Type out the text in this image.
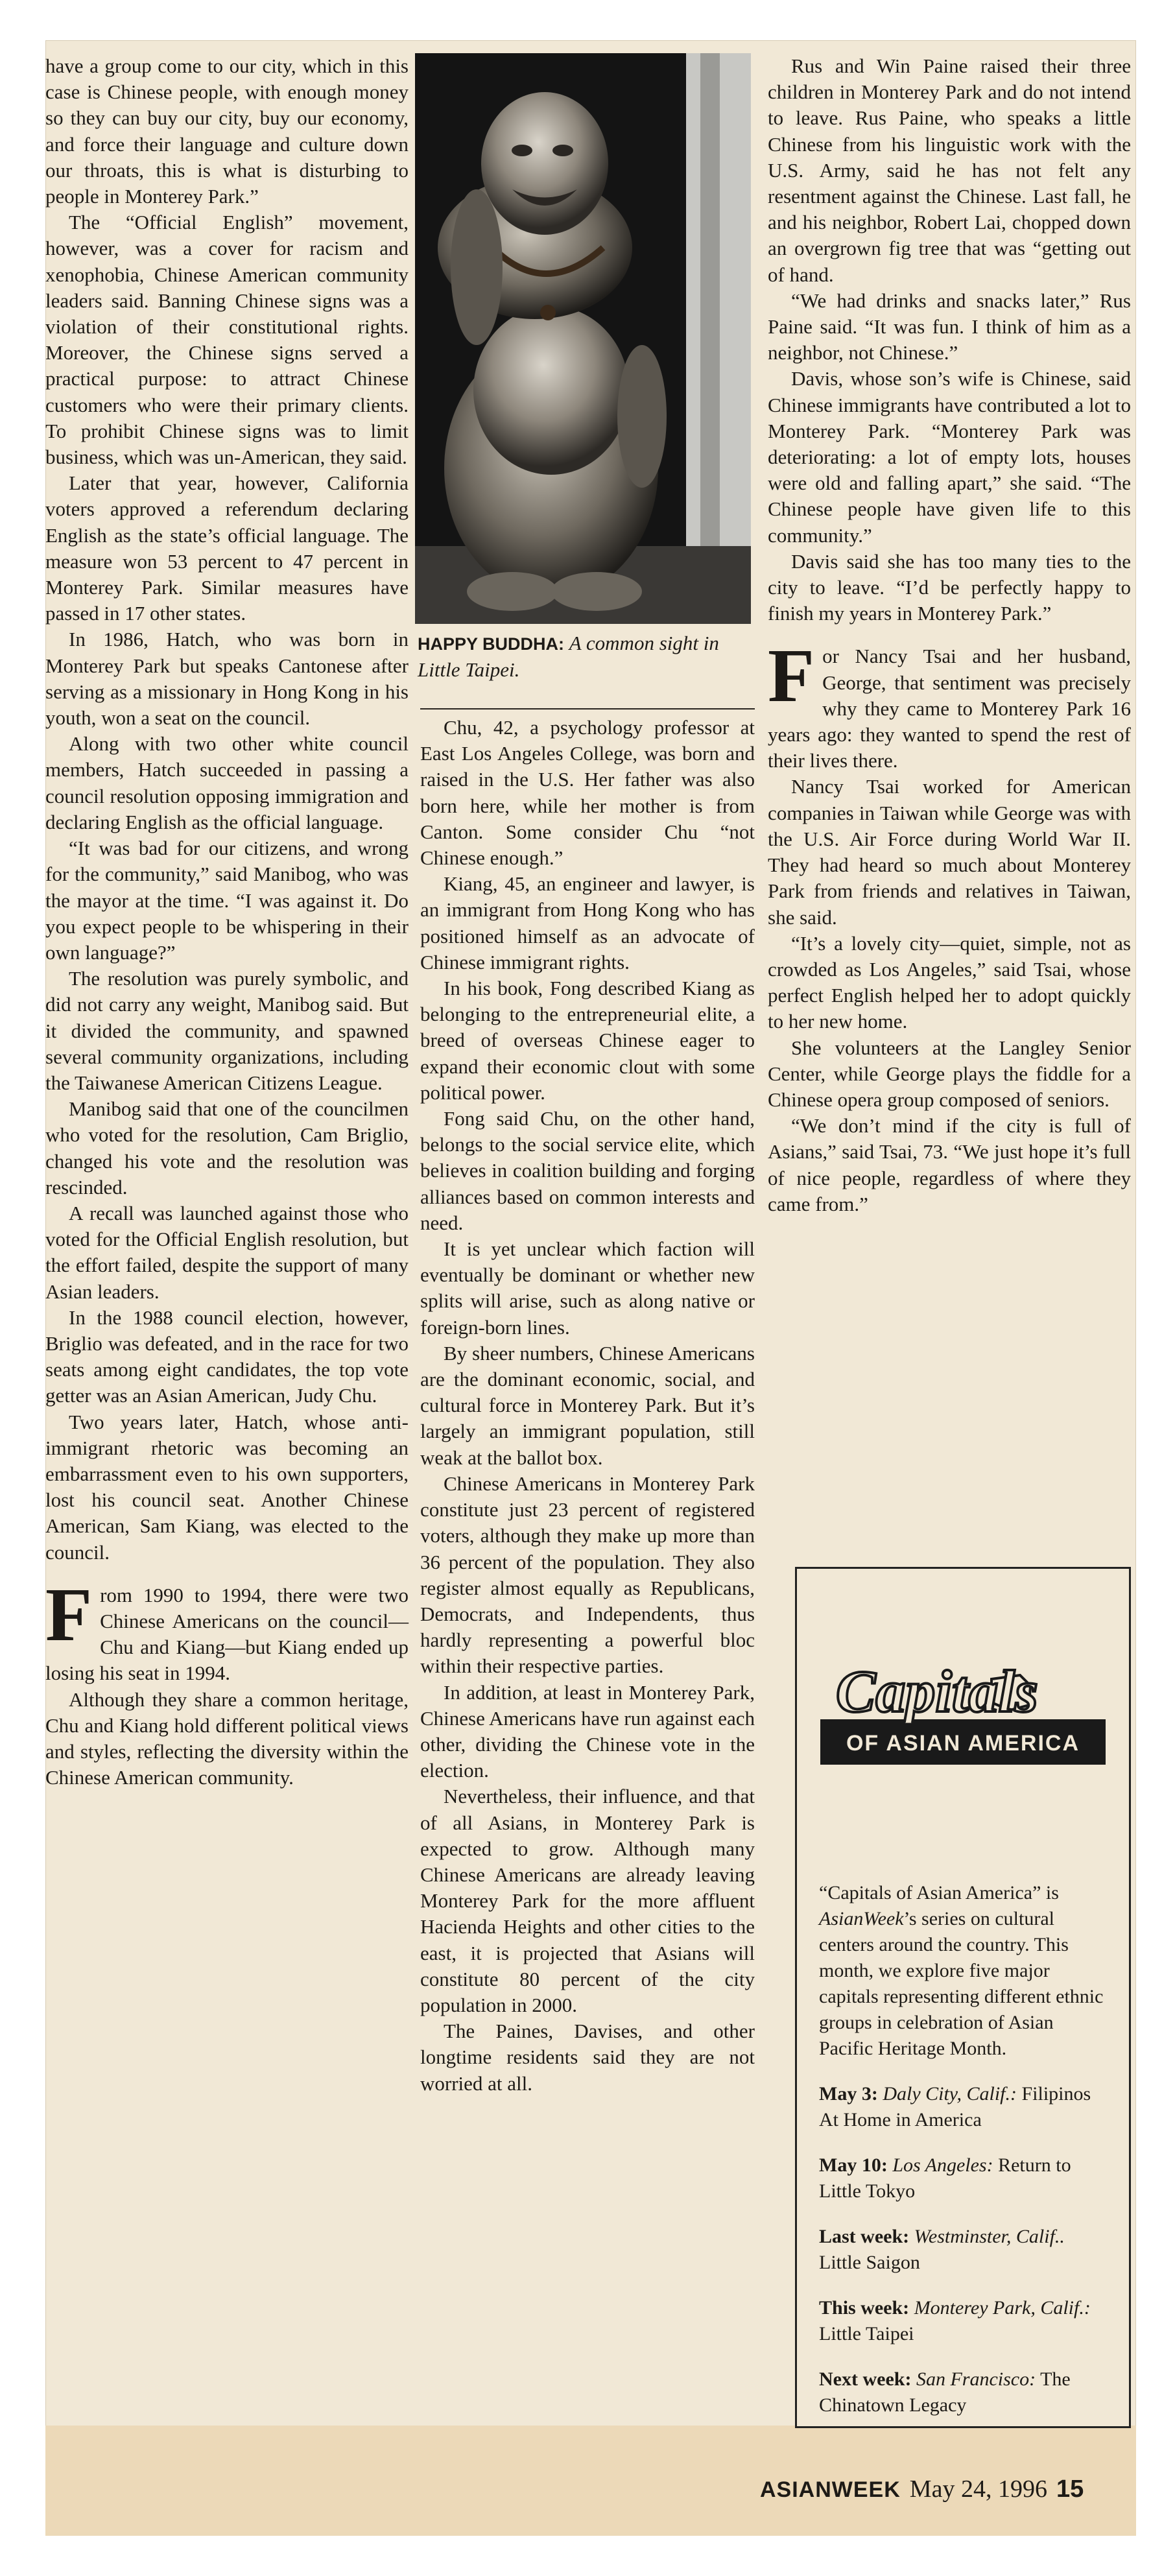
have a group come to our city, which in this case is Chinese people, with enough money so they can buy our city, buy our economy, and force their language and culture down our throats, this is what is disturbing to people in Monterey Park.”

The “Official English” movement, however, was a cover for racism and xenophobia, Chinese American community leaders said. Banning Chinese signs was a violation of their constitutional rights. Moreover, the Chinese signs served a practical purpose: to attract Chinese customers who were their primary clients. To prohibit Chinese signs was to limit business, which was un-American, they said.

Later that year, however, California voters approved a referendum declaring English as the state’s official language. The measure won 53 percent to 47 percent in Monterey Park. Similar measures have passed in 17 other states.

In 1986, Hatch, who was born in Monterey Park but speaks Cantonese after serving as a missionary in Hong Kong in his youth, won a seat on the council.

Along with two other white council members, Hatch succeeded in passing a council resolution opposing immigration and declaring English as the official language.

“It was bad for our citizens, and wrong for the community,” said Manibog, who was the mayor at the time. “I was against it. Do you expect people to be whispering in their own language?”

The resolution was purely symbolic, and did not carry any weight, Manibog said. But it divided the community, and spawned several community organizations, including the Taiwanese American Citizens League.

Manibog said that one of the councilmen who voted for the resolution, Cam Briglio, changed his vote and the resolution was rescinded.

A recall was launched against those who voted for the Official English resolution, but the effort failed, despite the support of many Asian leaders.

In the 1988 council election, however, Briglio was defeated, and in the race for two seats among eight candidates, the top vote getter was an Asian American, Judy Chu.

Two years later, Hatch, whose anti-immigrant rhetoric was becoming an embarrassment even to his own supporters, lost his council seat. Another Chinese American, Sam Kiang, was elected to the council.

From 1990 to 1994, there were two Chinese Americans on the council—Chu and Kiang—but Kiang ended up losing his seat in 1994.

Although they share a common heritage, Chu and Kiang hold different political views and styles, reflecting the diversity within the Chinese American community.

HAPPY BUDDHA: A common sight in Little Taipei.

Chu, 42, a psychology professor at East Los Angeles College, was born and raised in the U.S. Her father was also born here, while her mother is from Canton. Some consider Chu “not Chinese enough.”

Kiang, 45, an engineer and lawyer, is an immigrant from Hong Kong who has positioned himself as an advocate of Chinese immigrant rights.

In his book, Fong described Kiang as belonging to the entrepreneurial elite, a breed of overseas Chinese eager to expand their economic clout with some political power.

Fong said Chu, on the other hand, belongs to the social service elite, which believes in coalition building and forging alliances based on common interests and need.

It is yet unclear which faction will eventually be dominant or whether new splits will arise, such as along native or foreign-born lines.

By sheer numbers, Chinese Americans are the dominant economic, social, and cultural force in Monterey Park. But it’s largely an immigrant population, still weak at the ballot box.

Chinese Americans in Monterey Park constitute just 23 percent of registered voters, although they make up more than 36 percent of the population. They also register almost equally as Republicans, Democrats, and Independents, thus hardly representing a powerful bloc within their respective parties.

In addition, at least in Monterey Park, Chinese Americans have run against each other, dividing the Chinese vote in the election.

Nevertheless, their influence, and that of all Asians, in Monterey Park is expected to grow. Although many Chinese Americans are already leaving Monterey Park for the more affluent Hacienda Heights and other cities to the east, it is projected that Asians will constitute 80 percent of the city population in 2000.

The Paines, Davises, and other longtime residents said they are not worried at all.

Rus and Win Paine raised their three children in Monterey Park and do not intend to leave. Rus Paine, who speaks a little Chinese from his linguistic work with the U.S. Army, said he has not felt any resentment against the Chinese. Last fall, he and his neighbor, Robert Lai, chopped down an overgrown fig tree that was “getting out of hand.

“We had drinks and snacks later,” Rus Paine said. “It was fun. I think of him as a neighbor, not Chinese.”

Davis, whose son’s wife is Chinese, said Chinese immigrants have contributed a lot to Monterey Park. “Monterey Park was deteriorating: a lot of empty lots, houses were old and falling apart,” she said. “The Chinese people have given life to this community.”

Davis said she has too many ties to the city to leave. “I’d be perfectly happy to finish my years in Monterey Park.”

For Nancy Tsai and her husband, George, that sentiment was precisely why they came to Monterey Park 16 years ago: they wanted to spend the rest of their lives there.

Nancy Tsai worked for American companies in Taiwan while George was with the U.S. Air Force during World War II. They had heard so much about Monterey Park from friends and relatives in Taiwan, she said.

“It’s a lovely city—quiet, simple, not as crowded as Los Angeles,” said Tsai, whose perfect English helped her to adopt quickly to her new home.

She volunteers at the Langley Senior Center, while George plays the fiddle for a Chinese opera group composed of seniors.

“We don’t mind if the city is full of Asians,” said Tsai, 73. “We just hope it’s full of nice people, regardless of where they came from.”

Capitals
OF ASIAN AMERICA

“Capitals of Asian America” is AsianWeek’s series on cultural centers around the country. This month, we explore five major capitals representing different ethnic groups in celebration of Asian Pacific Heritage Month.

May 3: Daly City, Calif.: Filipinos At Home in America

May 10: Los Angeles: Return to Little Tokyo

Last week: Westminster, Calif.. Little Saigon

This week: Monterey Park, Calif.: Little Taipei

Next week: San Francisco: The Chinatown Legacy

ASIANWEEK May 24, 1996 15
